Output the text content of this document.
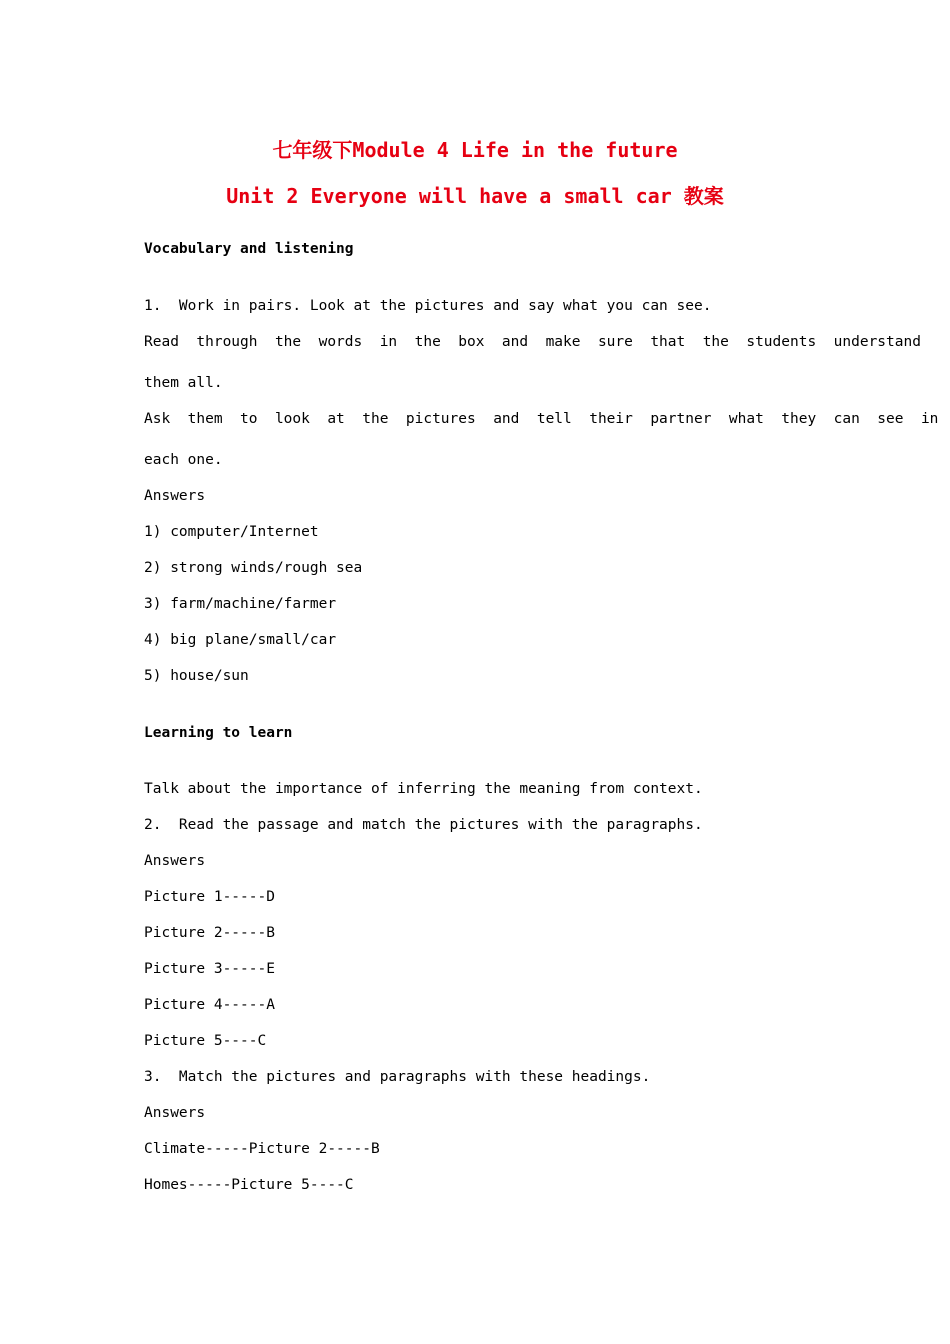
七年级下Module 4 Life in the future
Unit 2 Everyone will have a small car 教案
Vocabulary and listening
1.  Work in pairs. Look at the pictures and say what you can see.
Read  through  the  words  in  the  box  and  make  sure  that  the  students  understand
them all.
Ask  them  to  look  at  the  pictures  and  tell  their  partner  what  they  can  see  in
each one.
Answers
1) computer/Internet
2) strong winds/rough sea
3) farm/machine/farmer
4) big plane/small/car
5) house/sun
Learning to learn
Talk about the importance of inferring the meaning from context.
2.  Read the passage and match the pictures with the paragraphs.
Answers
Picture 1-----D
Picture 2-----B
Picture 3-----E
Picture 4-----A
Picture 5----C
3.  Match the pictures and paragraphs with these headings.
Answers
Climate-----Picture 2-----B
Homes-----Picture 5----C
